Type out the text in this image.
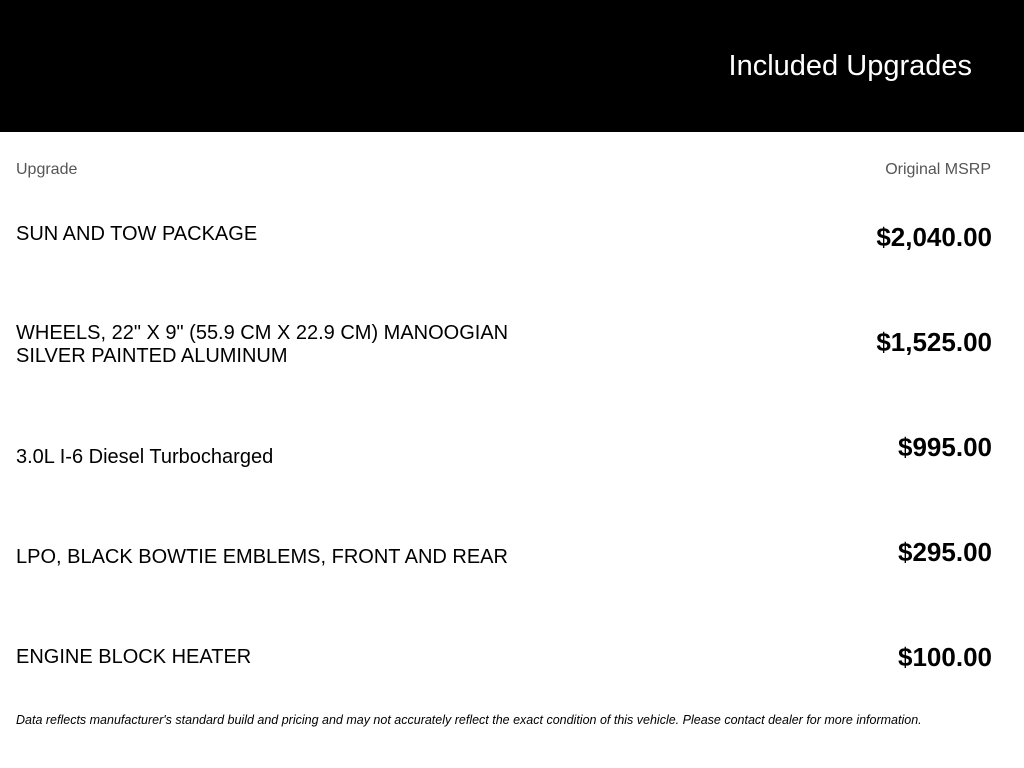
Included Upgrades
Upgrade	Original MSRP
SUN AND TOW PACKAGE	$2,040.00
WHEELS, 22" X 9" (55.9 CM X 22.9 CM) MANOOGIAN SILVER PAINTED ALUMINUM	$1,525.00
3.0L I-6 Diesel Turbocharged	$995.00
LPO, BLACK BOWTIE EMBLEMS, FRONT AND REAR	$295.00
ENGINE BLOCK HEATER	$100.00
Data reflects manufacturer's standard build and pricing and may not accurately reflect the exact condition of this vehicle. Please contact dealer for more information.
